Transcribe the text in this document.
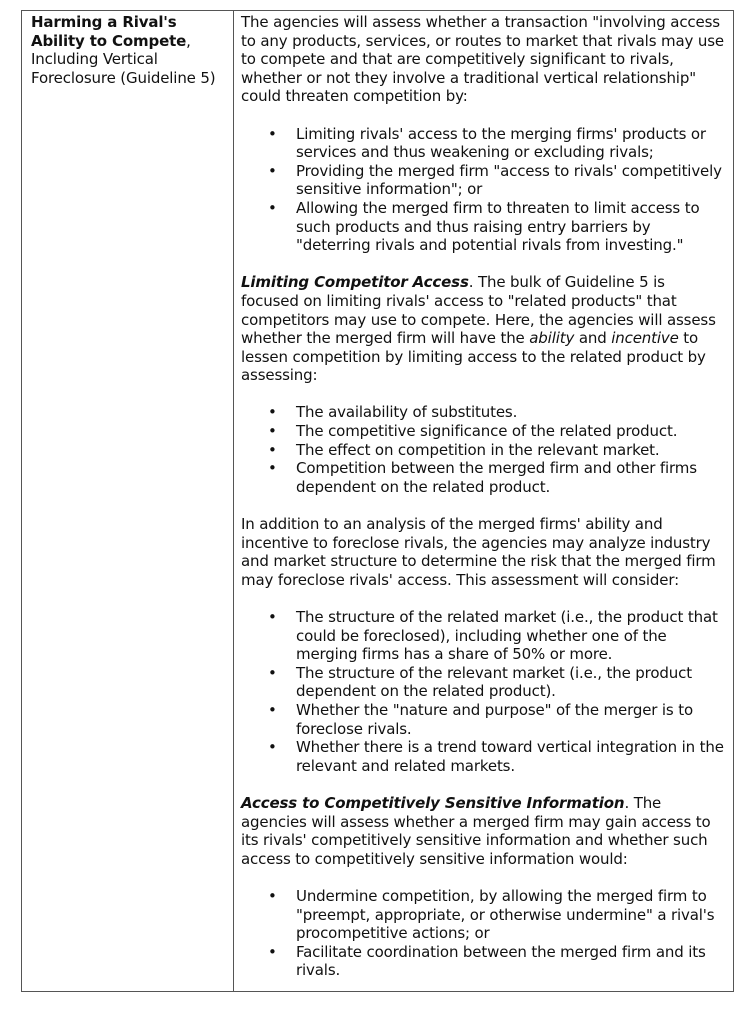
Harming a Rival's Ability to Compete, Including Vertical Foreclosure (Guideline 5)

The agencies will assess whether a transaction "involving access to any products, services, or routes to market that rivals may use to compete and that are competitively significant to rivals, whether or not they involve a traditional vertical relationship" could threaten competition by:

• Limiting rivals' access to the merging firms' products or services and thus weakening or excluding rivals;
• Providing the merged firm "access to rivals' competitively sensitive information"; or
• Allowing the merged firm to threaten to limit access to such products and thus raising entry barriers by "deterring rivals and potential rivals from investing."

Limiting Competitor Access. The bulk of Guideline 5 is focused on limiting rivals' access to "related products" that competitors may use to compete. Here, the agencies will assess whether the merged firm will have the ability and incentive to lessen competition by limiting access to the related product by assessing:

• The availability of substitutes.
• The competitive significance of the related product.
• The effect on competition in the relevant market.
• Competition between the merged firm and other firms dependent on the related product.

In addition to an analysis of the merged firms' ability and incentive to foreclose rivals, the agencies may analyze industry and market structure to determine the risk that the merged firm may foreclose rivals' access. This assessment will consider:

• The structure of the related market (i.e., the product that could be foreclosed), including whether one of the merging firms has a share of 50% or more.
• The structure of the relevant market (i.e., the product dependent on the related product).
• Whether the "nature and purpose" of the merger is to foreclose rivals.
• Whether there is a trend toward vertical integration in the relevant and related markets.

Access to Competitively Sensitive Information. The agencies will assess whether a merged firm may gain access to its rivals' competitively sensitive information and whether such access to competitively sensitive information would:

• Undermine competition, by allowing the merged firm to "preempt, appropriate, or otherwise undermine" a rival's procompetitive actions; or
• Facilitate coordination between the merged firm and its rivals.
